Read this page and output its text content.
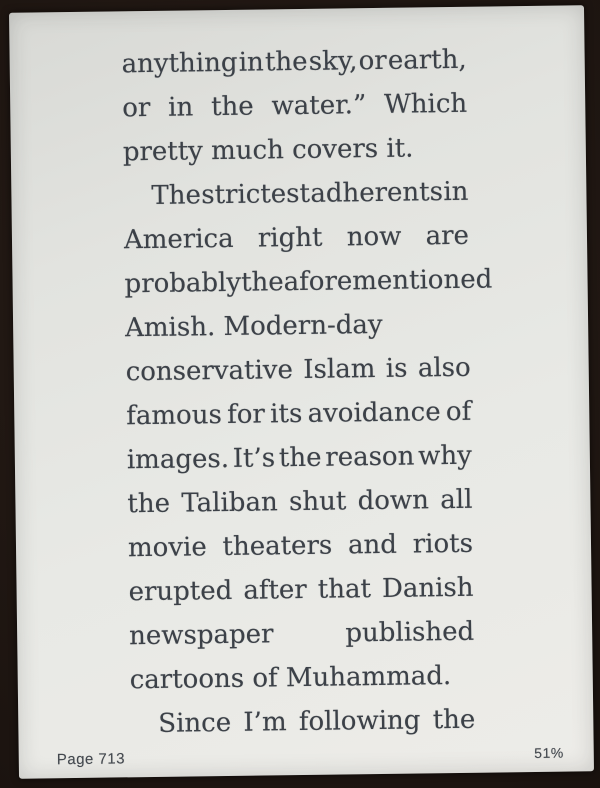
anything in the sky, or earth,
or in the water.” Which
pretty much covers it.
The strictest adherents in
America right now are
probably the aforementioned
Amish. Modern-day
conservative Islam is also
famous for its avoidance of
images. It’s the reason why
the Taliban shut down all
movie theaters and riots
erupted after that Danish
newspaper	published
cartoons of Muhammad.
Since I’m following the
Page 713	51%
